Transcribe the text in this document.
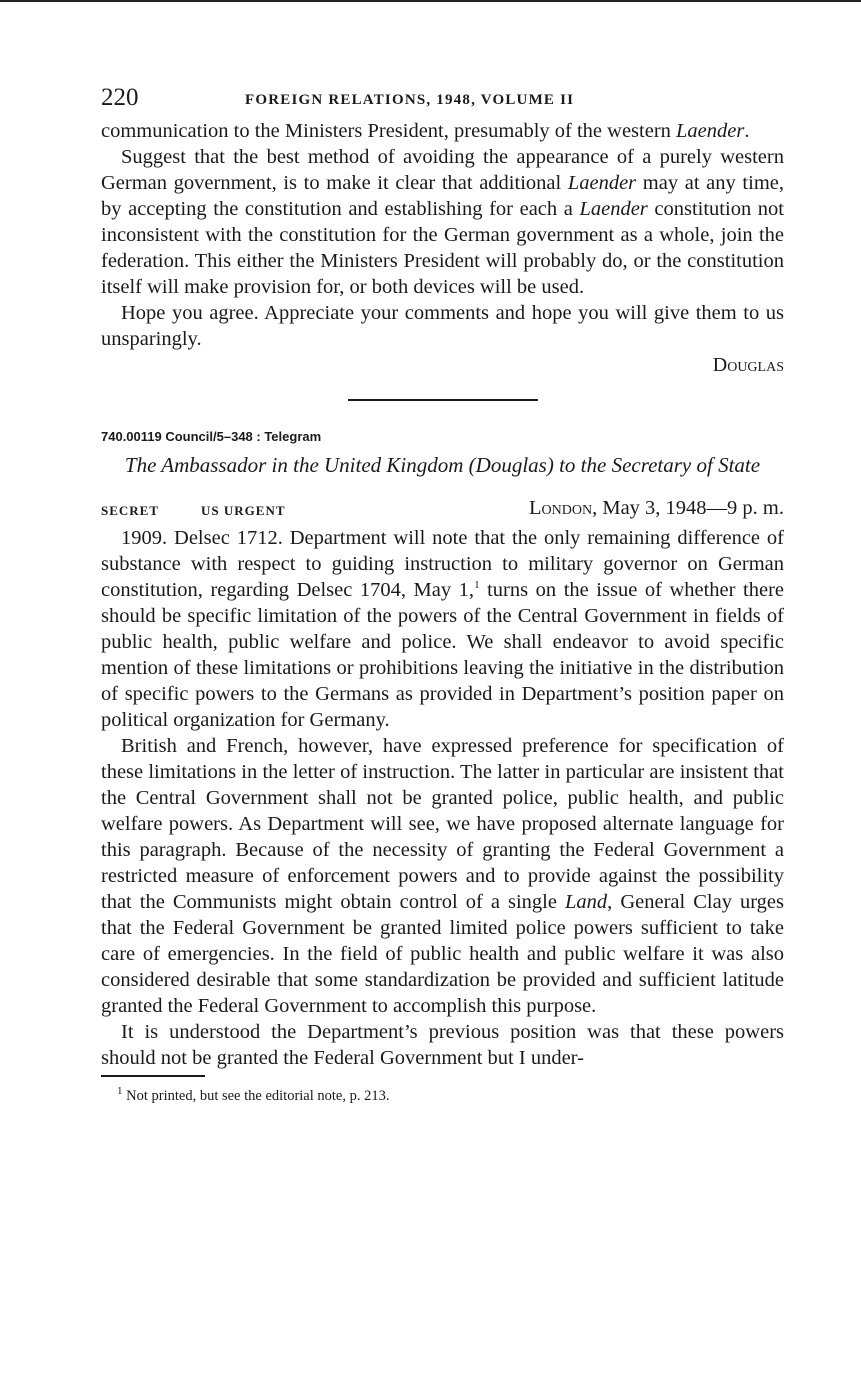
220	FOREIGN RELATIONS, 1948, VOLUME II

communication to the Ministers President, presumably of the western Laender.

Suggest that the best method of avoiding the appearance of a purely western German government, is to make it clear that additional Laender may at any time, by accepting the constitution and establishing for each a Laender constitution not inconsistent with the constitution for the German government as a whole, join the federation. This either the Ministers President will probably do, or the constitution itself will make provision for, or both devices will be used.

Hope you agree. Appreciate your comments and hope you will give them to us unsparingly.

Douglas
740.00119 Council/5–348 : Telegram
The Ambassador in the United Kingdom (Douglas) to the Secretary of State
SECRET	US URGENT	London, May 3, 1948—9 p. m.

1909. Delsec 1712. Department will note that the only remaining difference of substance with respect to guiding instruction to military governor on German constitution, regarding Delsec 1704, May 1,$^1$ turns on the issue of whether there should be specific limitation of the powers of the Central Government in fields of public health, public welfare and police. We shall endeavor to avoid specific mention of these limitations or prohibitions leaving the initiative in the distribution of specific powers to the Germans as provided in Department’s position paper on political organization for Germany.

British and French, however, have expressed preference for specification of these limitations in the letter of instruction. The latter in particular are insistent that the Central Government shall not be granted police, public health, and public welfare powers. As Department will see, we have proposed alternate language for this paragraph. Because of the necessity of granting the Federal Government a restricted measure of enforcement powers and to provide against the possibility that the Communists might obtain control of a single Land, General Clay urges that the Federal Government be granted limited police powers sufficient to take care of emergencies. In the field of public health and public welfare it was also considered desirable that some standardization be provided and sufficient latitude granted the Federal Government to accomplish this purpose.

It is understood the Department’s previous position was that these powers should not be granted the Federal Government but I under-

$^1$ Not printed, but see the editorial note, p. 213.
